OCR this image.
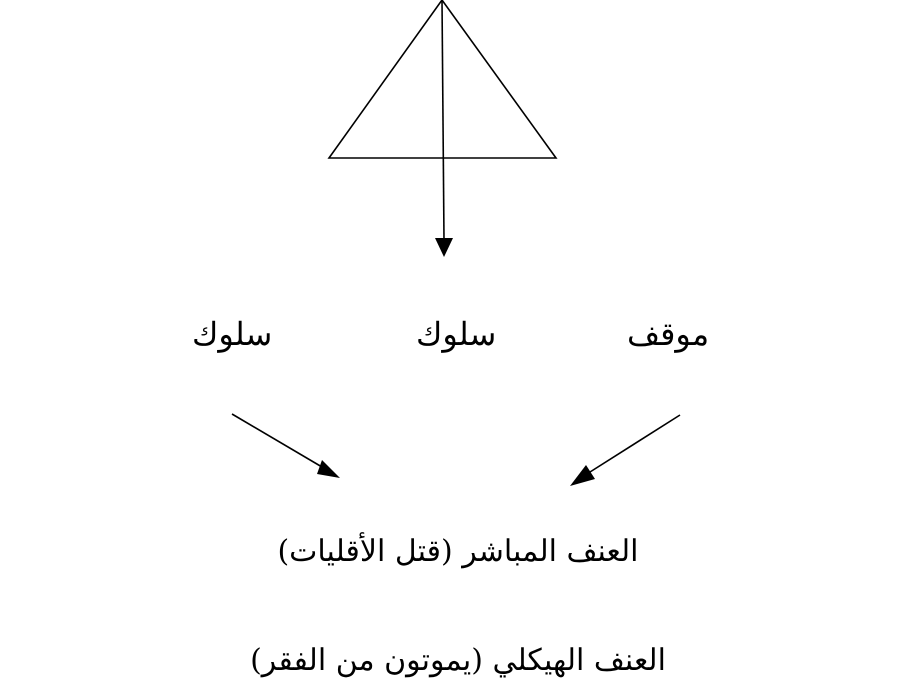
سلوك	سلوك	موقف
العنف المباشر (قتل الأقليات)
العنف الهيكلي (يموتون من الفقر)
